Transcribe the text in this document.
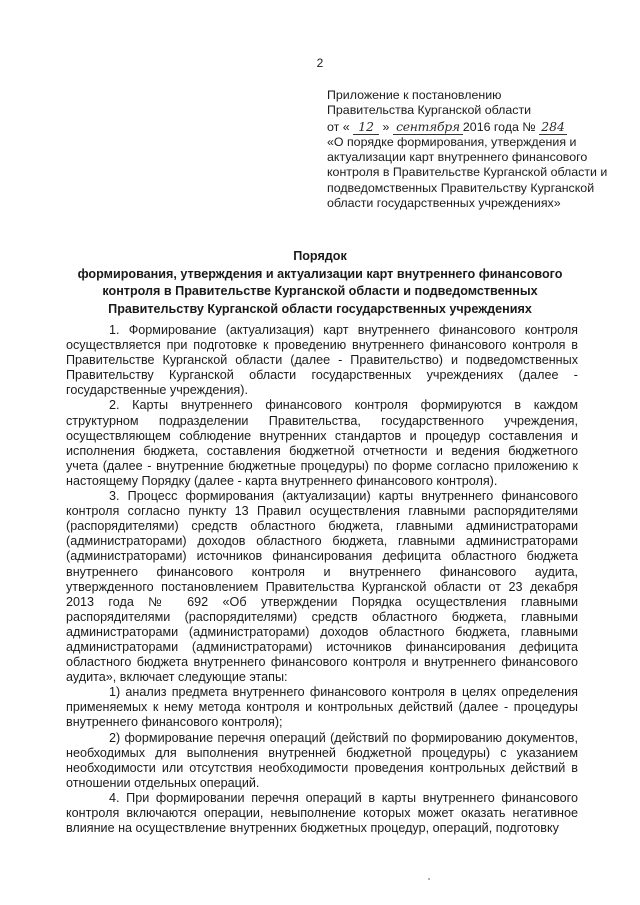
2
Приложение к постановлению
Правительства Курганской области
от « 12 » сентября 2016 года № 284
«О порядке формирования, утверждения и актуализации карт внутреннего финансового контроля в Правительстве Курганской области и подведомственных Правительству Курганской области государственных учреждениях»
Порядок
формирования, утверждения и актуализации карт внутреннего финансового
контроля в Правительстве Курганской области и подведомственных
Правительству Курганской области государственных учреждениях

1. Формирование (актуализация) карт внутреннего финансового контроля осуществляется при подготовке к проведению внутреннего финансового контроля в Правительстве Курганской области (далее - Правительство) и подведомственных Правительству Курганской области государственных учреждениях (далее - государственные учреждения).

2. Карты внутреннего финансового контроля формируются в каждом структурном подразделении Правительства, государственного учреждения, осуществляющем соблюдение внутренних стандартов и процедур составления и исполнения бюджета, составления бюджетной отчетности и ведения бюджетного учета (далее - внутренние бюджетные процедуры) по форме согласно приложению к настоящему Порядку (далее - карта внутреннего финансового контроля).

3. Процесс формирования (актуализации) карты внутреннего финансового контроля согласно пункту 13 Правил осуществления главными распорядителями (распорядителями) средств областного бюджета, главными администраторами (администраторами) доходов областного бюджета, главными администраторами (администраторами) источников финансирования дефицита областного бюджета внутреннего финансового контроля и внутреннего финансового аудита, утвержденного постановлением Правительства Курганской области от 23 декабря 2013 года № 692 «Об утверждении Порядка осуществления главными распорядителями (распорядителями) средств областного бюджета, главными администраторами (администраторами) доходов областного бюджета, главными администраторами (администраторами) источников финансирования дефицита областного бюджета внутреннего финансового контроля и внутреннего финансового аудита», включает следующие этапы:

1) анализ предмета внутреннего финансового контроля в целях определения применяемых к нему метода контроля и контрольных действий (далее - процедуры внутреннего финансового контроля);

2) формирование перечня операций (действий по формированию документов, необходимых для выполнения внутренней бюджетной процедуры) с указанием необходимости или отсутствия необходимости проведения контрольных действий в отношении отдельных операций.

4. При формировании перечня операций в карты внутреннего финансового контроля включаются операции, невыполнение которых может оказать негативное влияние на осуществление внутренних бюджетных процедур, операций, подготовку
